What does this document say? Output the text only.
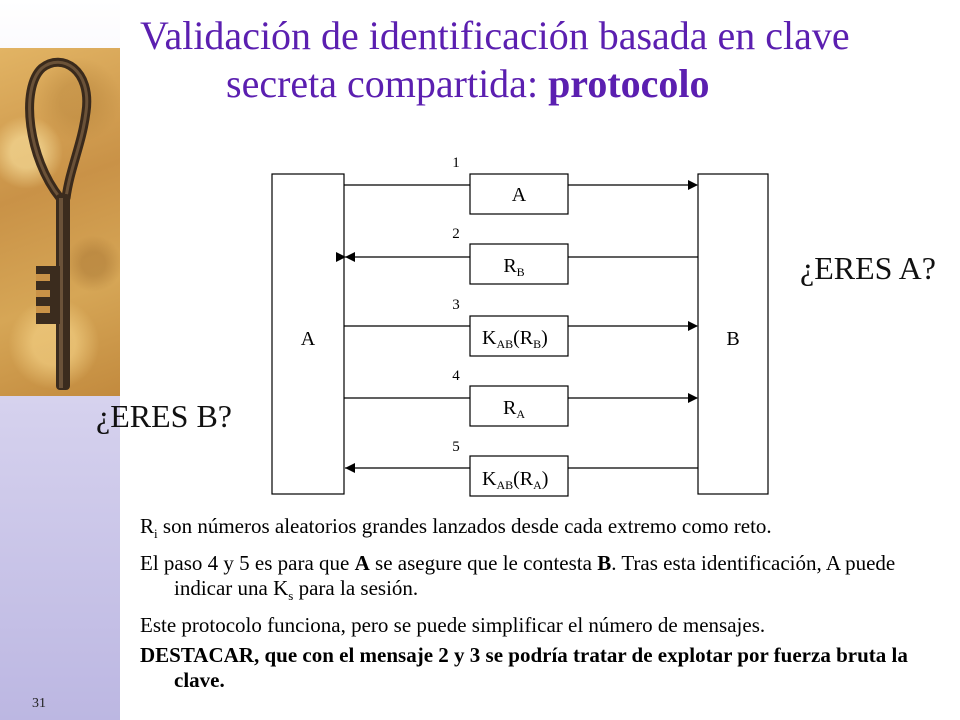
31
Validación de identificación basada en clave
secreta compartida: protocolo
A	B
1
A
2
$R_B$
3
$K_{AB}(R_B)$
4
$R_A$
5
$K_{AB}(R_A)$
¿ERES A?
¿ERES B?

$R_i$ son números aleatorios grandes lanzados desde cada extremo como reto.

El paso 4 y 5 es para que A se asegure que le contesta B. Tras esta identificación, A puede indicar una $K_s$ para la sesión.

Este protocolo funciona, pero se puede simplificar el número de mensajes.

DESTACAR, que con el mensaje 2 y 3 se podría tratar de explotar por fuerza bruta la clave.
